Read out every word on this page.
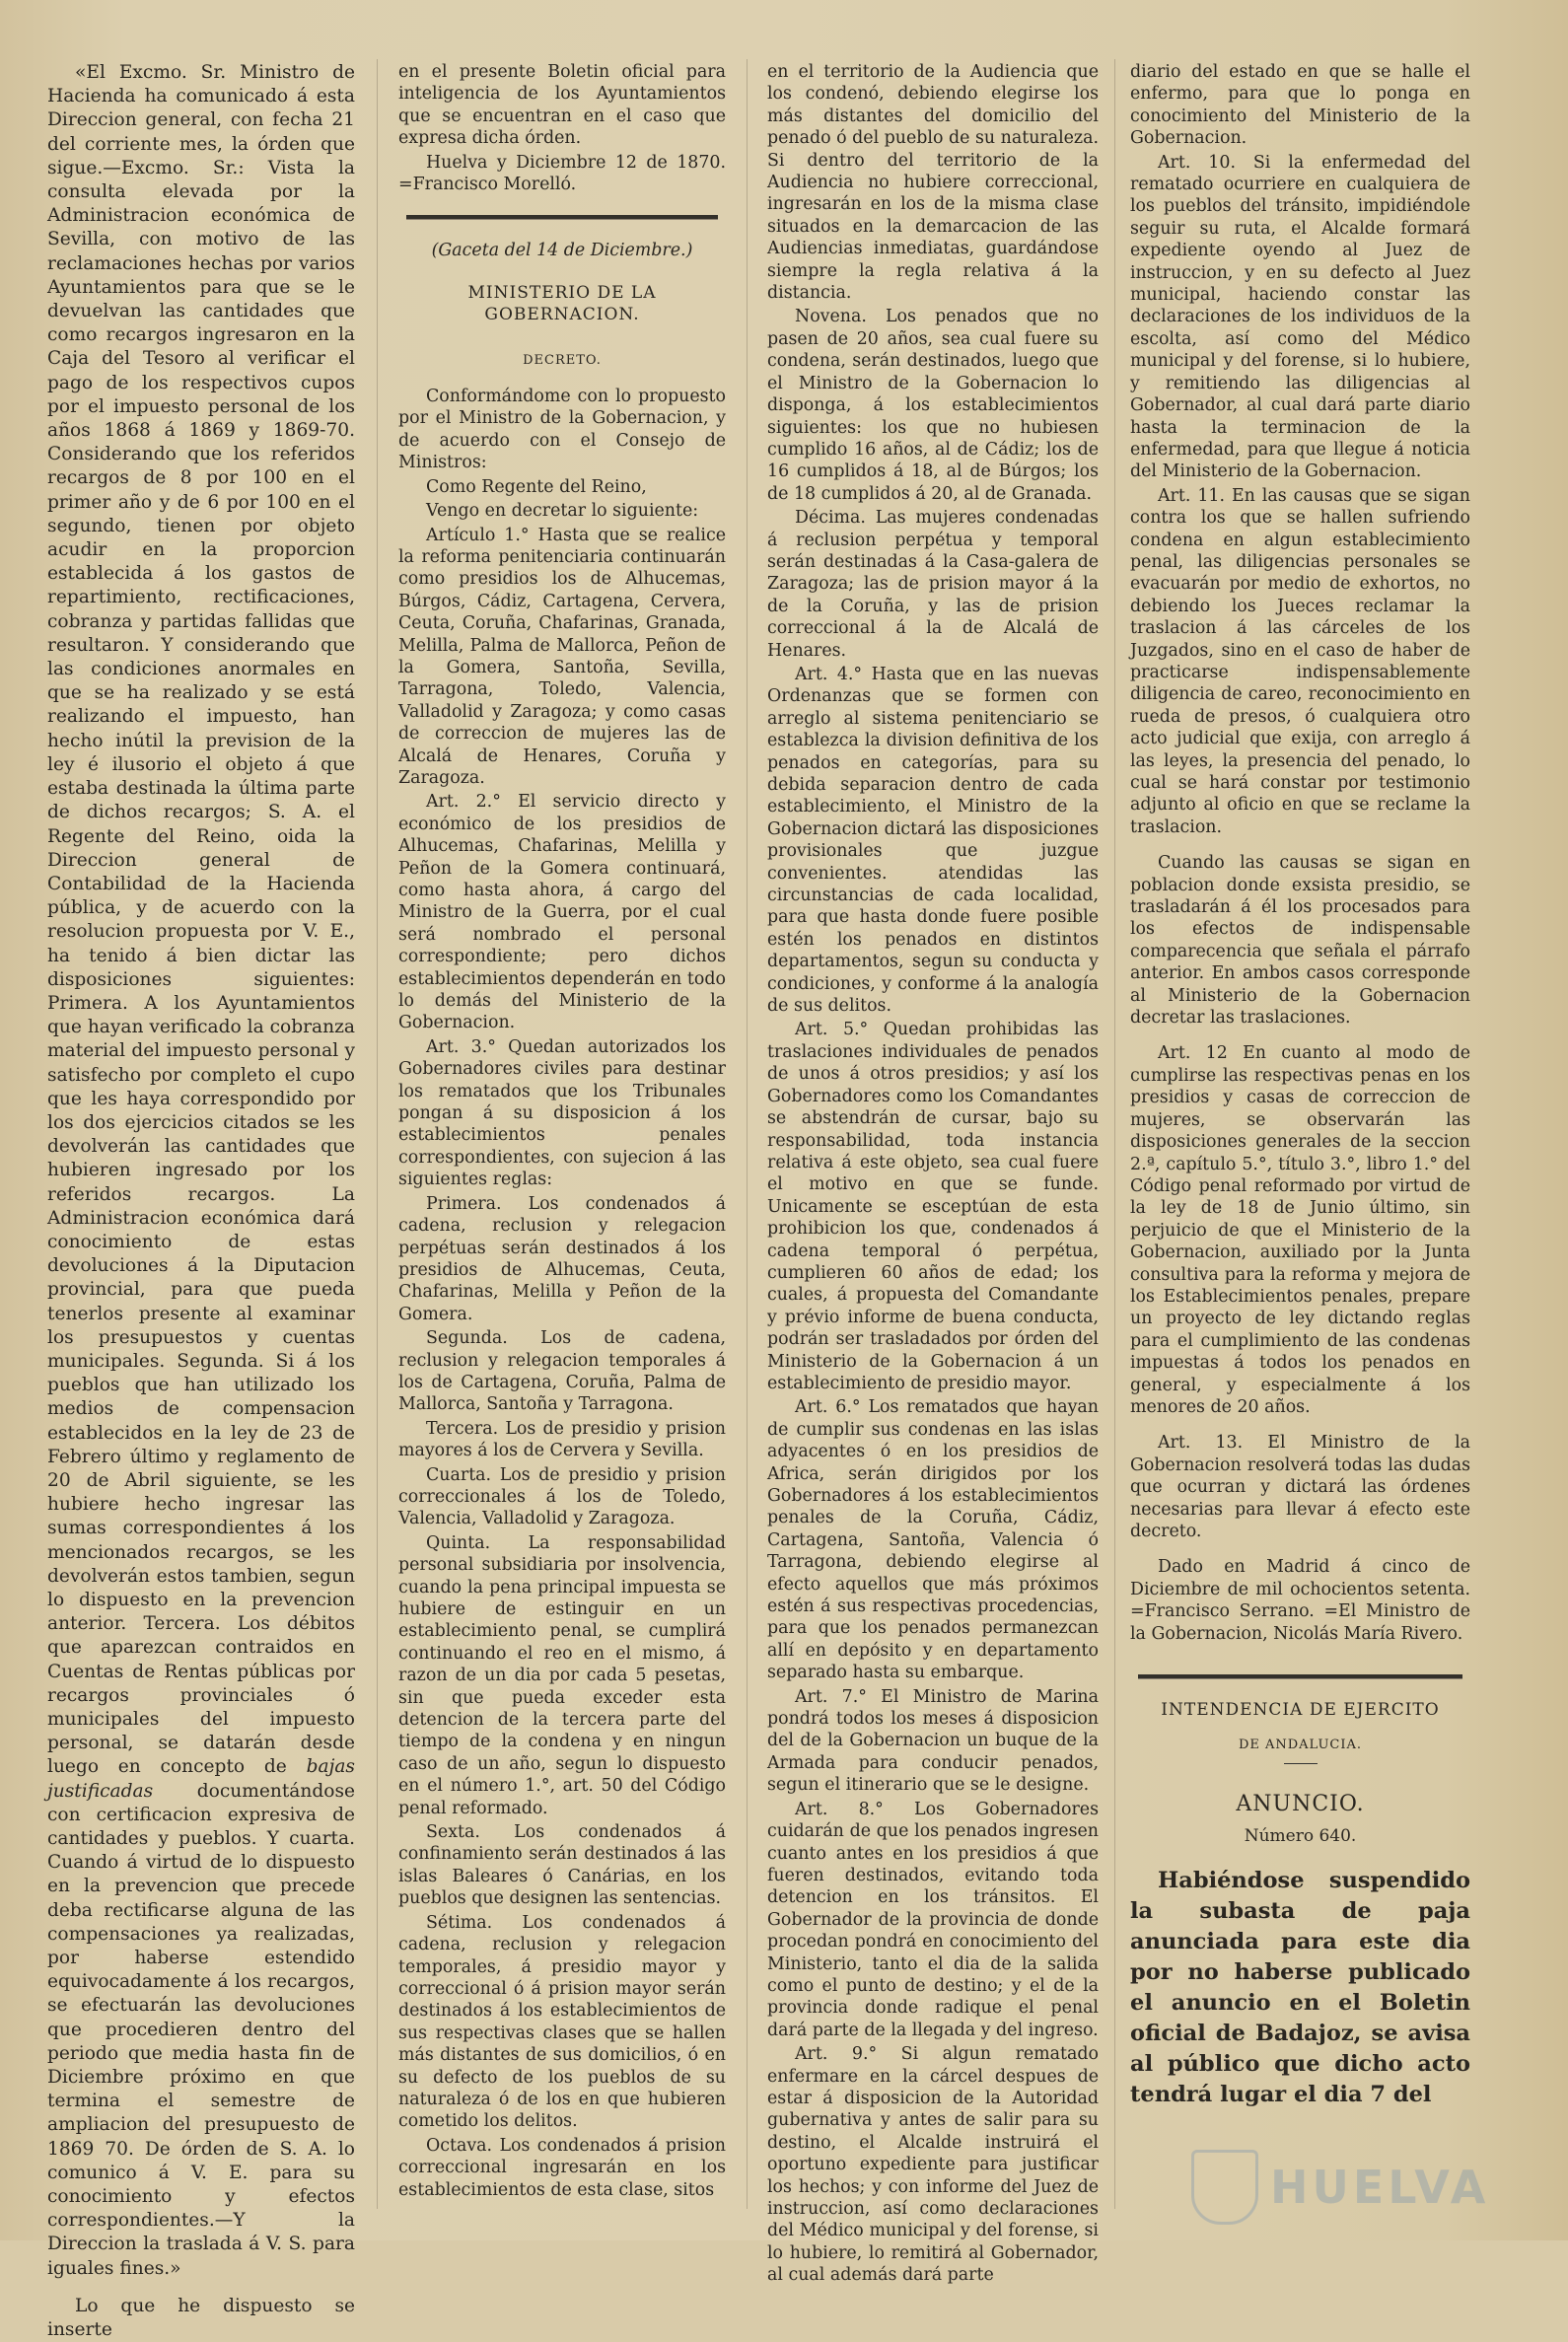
«El Excmo. Sr. Ministro de Hacienda ha comunicado á esta Direccion general, con fecha 21 del corriente mes, la órden que sigue.—Excmo. Sr.: Vista la consulta elevada por la Administracion económica de Sevilla, con motivo de las reclamaciones hechas por varios Ayuntamientos para que se le devuelvan las cantidades que como recargos ingresaron en la Caja del Tesoro al verificar el pago de los respectivos cupos por el impuesto personal de los años 1868 á 1869 y 1869-70. Considerando que los referidos recargos de 8 por 100 en el primer año y de 6 por 100 en el segundo, tienen por objeto acudir en la proporcion establecida á los gastos de repartimiento, rectificaciones, cobranza y partidas fallidas que resultaron. Y considerando que las condiciones anormales en que se ha realizado y se está realizando el impuesto, han hecho inútil la prevision de la ley é ilusorio el objeto á que estaba destinada la última parte de dichos recargos; S. A. el Regente del Reino, oida la Direccion general de Contabilidad de la Hacienda pública, y de acuerdo con la resolucion propuesta por V. E., ha tenido á bien dictar las disposiciones siguientes: Primera. A los Ayuntamientos que hayan verificado la cobranza material del impuesto personal y satisfecho por completo el cupo que les haya correspondido por los dos ejercicios citados se les devolverán las cantidades que hubieren ingresado por los referidos recargos. La Administracion económica dará conocimiento de estas devoluciones á la Diputacion provincial, para que pueda tenerlos presente al examinar los presupuestos y cuentas municipales. Segunda. Si á los pueblos que han utilizado los medios de compensacion establecidos en la ley de 23 de Febrero último y reglamento de 20 de Abril siguiente, se les hubiere hecho ingresar las sumas correspondientes á los mencionados recargos, se les devolverán estos tambien, segun lo dispuesto en la prevencion anterior. Tercera. Los débitos que aparezcan contraidos en Cuentas de Rentas públicas por recargos provinciales ó municipales del impuesto personal, se datarán desde luego en concepto de bajas justificadas documentándose con certificacion expresiva de cantidades y pueblos. Y cuarta. Cuando á virtud de lo dispuesto en la prevencion que precede deba rectificarse alguna de las compensaciones ya realizadas, por haberse estendido equivocadamente á los recargos, se efectuarán las devoluciones que procedieren dentro del periodo que media hasta fin de Diciembre próximo en que termina el semestre de ampliacion del presupuesto de 1869 70. De órden de S. A. lo comunico á V. E. para su conocimiento y efectos correspondientes.—Y la Direccion la traslada á V. S. para iguales fines.»

Lo que he dispuesto se inserte

en el presente Boletin oficial para inteligencia de los Ayuntamientos que se encuentran en el caso que expresa dicha órden.

Huelva y Diciembre 12 de 1870. =Francisco Morelló.

(Gaceta del 14 de Diciembre.)
MINISTERIO DE LA GOBERNACION.
DECRETO.

Conformándome con lo propuesto por el Ministro de la Gobernacion, y de acuerdo con el Consejo de Ministros:

Como Regente del Reino,

Vengo en decretar lo siguiente:

Artículo 1.° Hasta que se realice la reforma penitenciaria continuarán como presidios los de Alhucemas, Búrgos, Cádiz, Cartagena, Cervera, Ceuta, Coruña, Chafarinas, Granada, Melilla, Palma de Mallorca, Peñon de la Gomera, Santoña, Sevilla, Tarragona, Toledo, Valencia, Valladolid y Zaragoza; y como casas de correccion de mujeres las de Alcalá de Henares, Coruña y Zaragoza.

Art. 2.° El servicio directo y económico de los presidios de Alhucemas, Chafarinas, Melilla y Peñon de la Gomera continuará, como hasta ahora, á cargo del Ministro de la Guerra, por el cual será nombrado el personal correspondiente; pero dichos establecimientos dependerán en todo lo demás del Ministerio de la Gobernacion.

Art. 3.° Quedan autorizados los Gobernadores civiles para destinar los rematados que los Tribunales pongan á su disposicion á los establecimientos penales correspondientes, con sujecion á las siguientes reglas:

Primera. Los condenados á cadena, reclusion y relegacion perpétuas serán destinados á los presidios de Alhucemas, Ceuta, Chafarinas, Melilla y Peñon de la Gomera.

Segunda. Los de cadena, reclusion y relegacion temporales á los de Cartagena, Coruña, Palma de Mallorca, Santoña y Tarragona.

Tercera. Los de presidio y prision mayores á los de Cervera y Sevilla.

Cuarta. Los de presidio y prision correccionales á los de Toledo, Valencia, Valladolid y Zaragoza.

Quinta. La responsabilidad personal subsidiaria por insolvencia, cuando la pena principal impuesta se hubiere de estinguir en un establecimiento penal, se cumplirá continuando el reo en el mismo, á razon de un dia por cada 5 pesetas, sin que pueda exceder esta detencion de la tercera parte del tiempo de la condena y en ningun caso de un año, segun lo dispuesto en el número 1.°, art. 50 del Código penal reformado.

Sexta. Los condenados á confinamiento serán destinados á las islas Baleares ó Canárias, en los pueblos que designen las sentencias.

Sétima. Los condenados á cadena, reclusion y relegacion temporales, á presidio mayor y correccional ó á prision mayor serán destinados á los establecimientos de sus respectivas clases que se hallen más distantes de sus domicilios, ó en su defecto de los pueblos de su naturaleza ó de los en que hubieren cometido los delitos.

Octava. Los condenados á prision correccional ingresarán en los establecimientos de esta clase, sitos

en el territorio de la Audiencia que los condenó, debiendo elegirse los más distantes del domicilio del penado ó del pueblo de su naturaleza. Si dentro del territorio de la Audiencia no hubiere correccional, ingresarán en los de la misma clase situados en la demarcacion de las Audiencias inmediatas, guardándose siempre la regla relativa á la distancia.

Novena. Los penados que no pasen de 20 años, sea cual fuere su condena, serán destinados, luego que el Ministro de la Gobernacion lo disponga, á los establecimientos siguientes: los que no hubiesen cumplido 16 años, al de Cádiz; los de 16 cumplidos á 18, al de Búrgos; los de 18 cumplidos á 20, al de Granada.

Décima. Las mujeres condenadas á reclusion perpétua y temporal serán destinadas á la Casa-galera de Zaragoza; las de prision mayor á la de la Coruña, y las de prision correccional á la de Alcalá de Henares.

Art. 4.° Hasta que en las nuevas Ordenanzas que se formen con arreglo al sistema penitenciario se establezca la division definitiva de los penados en categorías, para su debida separacion dentro de cada establecimiento, el Ministro de la Gobernacion dictará las disposiciones provisionales que juzgue convenientes. atendidas las circunstancias de cada localidad, para que hasta donde fuere posible estén los penados en distintos departamentos, segun su conducta y condiciones, y conforme á la analogía de sus delitos.

Art. 5.° Quedan prohibidas las traslaciones individuales de penados de unos á otros presidios; y así los Gobernadores como los Comandantes se abstendrán de cursar, bajo su responsabilidad, toda instancia relativa á este objeto, sea cual fuere el motivo en que se funde. Unicamente se esceptúan de esta prohibicion los que, condenados á cadena temporal ó perpétua, cumplieren 60 años de edad; los cuales, á propuesta del Comandante y prévio informe de buena conducta, podrán ser trasladados por órden del Ministerio de la Gobernacion á un establecimiento de presidio mayor.

Art. 6.° Los rematados que hayan de cumplir sus condenas en las islas adyacentes ó en los presidios de Africa, serán dirigidos por los Gobernadores á los establecimientos penales de la Coruña, Cádiz, Cartagena, Santoña, Valencia ó Tarragona, debiendo elegirse al efecto aquellos que más próximos estén á sus respectivas procedencias, para que los penados permanezcan allí en depósito y en departamento separado hasta su embarque.

Art. 7.° El Ministro de Marina pondrá todos los meses á disposicion del de la Gobernacion un buque de la Armada para conducir penados, segun el itinerario que se le designe.

Art. 8.° Los Gobernadores cuidarán de que los penados ingresen cuanto antes en los presidios á que fueren destinados, evitando toda detencion en los tránsitos. El Gobernador de la provincia de donde procedan pondrá en conocimiento del Ministerio, tanto el dia de la salida como el punto de destino; y el de la provincia donde radique el penal dará parte de la llegada y del ingreso.

Art. 9.° Si algun rematado enfermare en la cárcel despues de estar á disposicion de la Autoridad gubernativa y antes de salir para su destino, el Alcalde instruirá el oportuno expediente para justificar los hechos; y con informe del Juez de instruccion, así como declaraciones del Médico municipal y del forense, si lo hubiere, lo remitirá al Gobernador, al cual además dará parte

diario del estado en que se halle el enfermo, para que lo ponga en conocimiento del Ministerio de la Gobernacion.

Art. 10. Si la enfermedad del rematado ocurriere en cualquiera de los pueblos del tránsito, impidiéndole seguir su ruta, el Alcalde formará expediente oyendo al Juez de instruccion, y en su defecto al Juez municipal, haciendo constar las declaraciones de los individuos de la escolta, así como del Médico municipal y del forense, si lo hubiere, y remitiendo las diligencias al Gobernador, al cual dará parte diario hasta la terminacion de la enfermedad, para que llegue á noticia del Ministerio de la Gobernacion.

Art. 11. En las causas que se sigan contra los que se hallen sufriendo condena en algun establecimiento penal, las diligencias personales se evacuarán por medio de exhortos, no debiendo los Jueces reclamar la traslacion á las cárceles de los Juzgados, sino en el caso de haber de practicarse indispensablemente diligencia de careo, reconocimiento en rueda de presos, ó cualquiera otro acto judicial que exija, con arreglo á las leyes, la presencia del penado, lo cual se hará constar por testimonio adjunto al oficio en que se reclame la traslacion.

Cuando las causas se sigan en poblacion donde exsista presidio, se trasladarán á él los procesados para los efectos de indispensable comparecencia que señala el párrafo anterior. En ambos casos corresponde al Ministerio de la Gobernacion decretar las traslaciones.

Art. 12 En cuanto al modo de cumplirse las respectivas penas en los presidios y casas de correccion de mujeres, se observarán las disposiciones generales de la seccion 2.ª, capítulo 5.°, título 3.°, libro 1.° del Código penal reformado por virtud de la ley de 18 de Junio último, sin perjuicio de que el Ministerio de la Gobernacion, auxiliado por la Junta consultiva para la reforma y mejora de los Establecimientos penales, prepare un proyecto de ley dictando reglas para el cumplimiento de las condenas impuestas á todos los penados en general, y especialmente á los menores de 20 años.

Art. 13. El Ministro de la Gobernacion resolverá todas las dudas que ocurran y dictará las órdenes necesarias para llevar á efecto este decreto.

Dado en Madrid á cinco de Diciembre de mil ochocientos setenta. =Francisco Serrano. =El Ministro de la Gobernacion, Nicolás María Rivero.

INTENDENCIA DE EJERCITO
DE ANDALUCIA.
ANUNCIO.
Número 640.

Habiéndose suspendido la subasta de paja anunciada para este dia por no haberse publicado el anuncio en el Boletin oficial de Badajoz, se avisa al público que dicho acto tendrá lugar el dia 7 del

HUELVA
